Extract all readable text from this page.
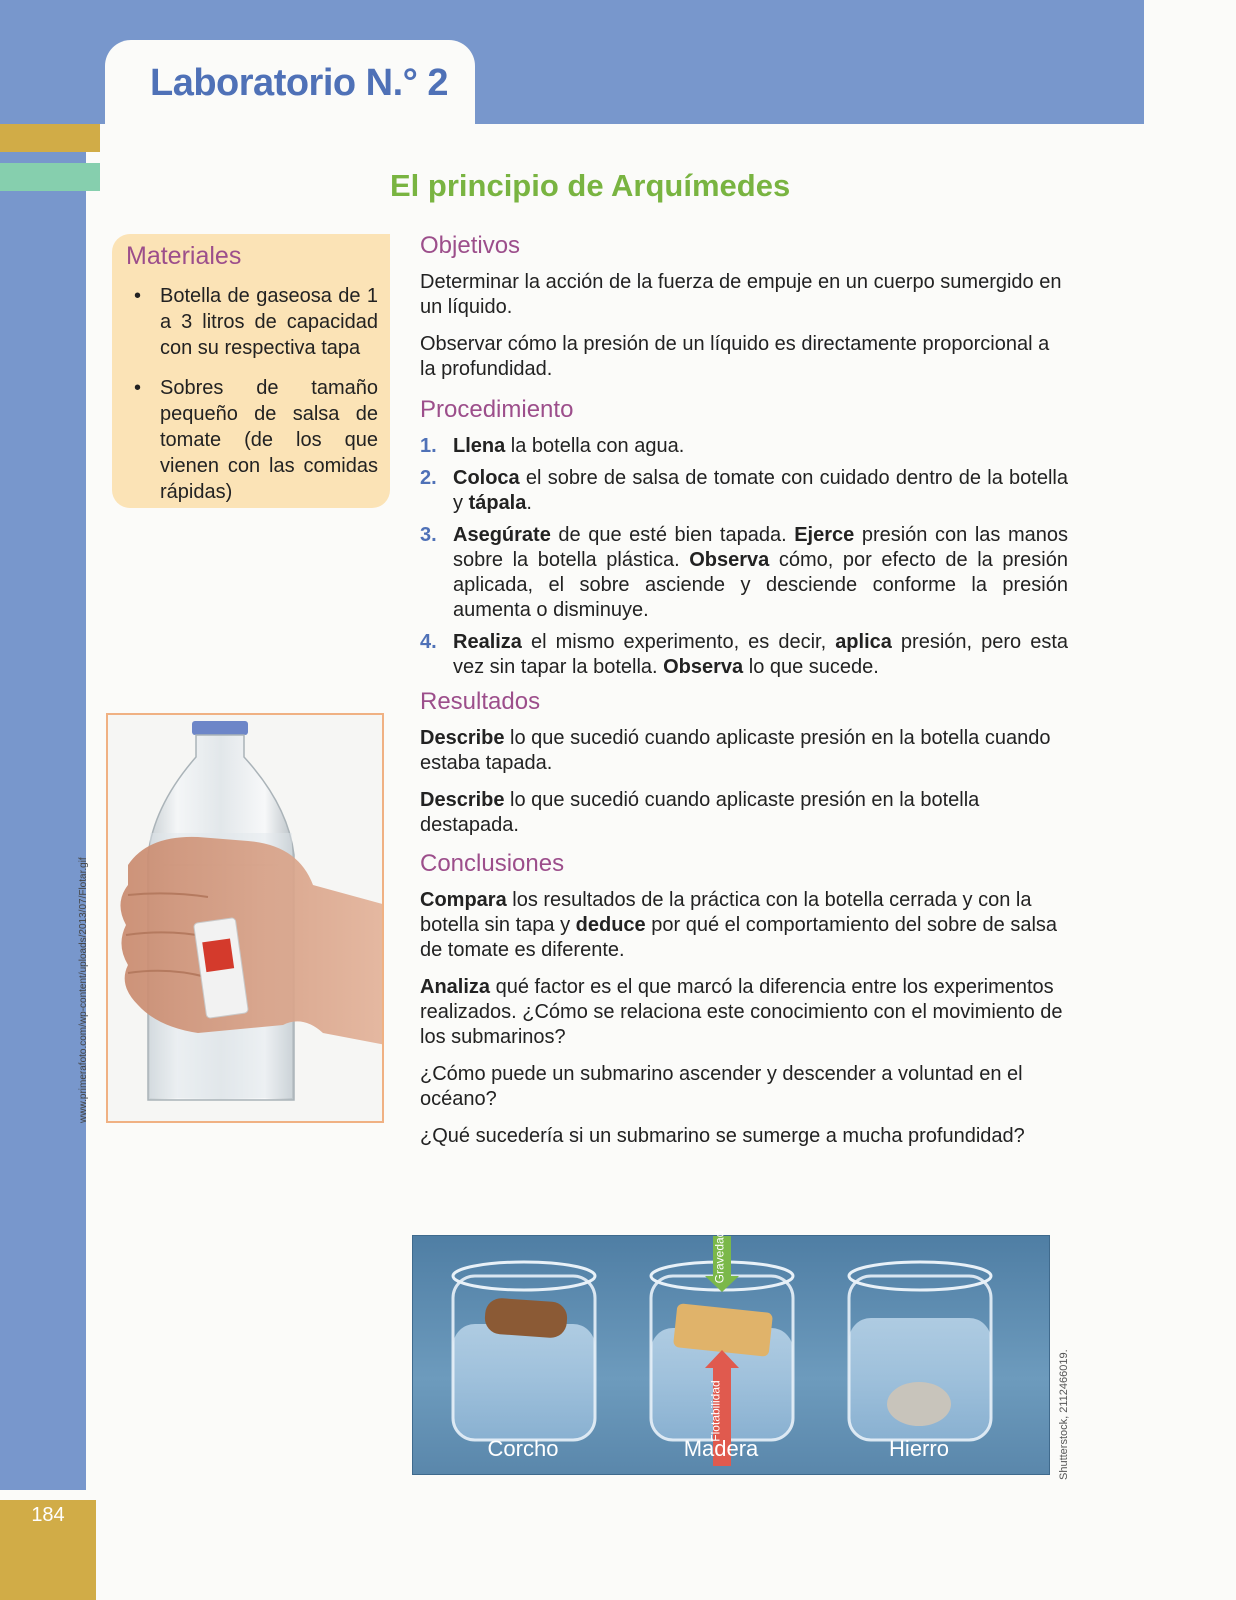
184
Laboratorio N.° 2
El principio de Arquímedes
Materiales
• Botella de gaseosa de 1 a 3 litros de capacidad con su respectiva tapa
• Sobres de tamaño pequeño de salsa de tomate (de los que vienen con las comidas rápidas)
www.primerafoto.com/wp-content/uploads/2013/07/Flotar.gif
Objetivos

Determinar la acción de la fuerza de empuje en un cuerpo sumergido en un líquido.

Observar cómo la presión de un líquido es directamente proporcional a la profundidad.

Procedimiento
1. Llena la botella con agua.
2. Coloca el sobre de salsa de tomate con cuidado dentro de la botella y tápala.
3. Asegúrate de que esté bien tapada. Ejerce presión con las manos sobre la botella plástica. Observa cómo, por efecto de la presión aplicada, el sobre asciende y desciende conforme la presión aumenta o disminuye.
4. Realiza el mismo experimento, es decir, aplica presión, pero esta vez sin tapar la botella. Observa lo que sucede.
Resultados

Describe lo que sucedió cuando aplicaste presión en la botella cuando estaba tapada.

Describe lo que sucedió cuando aplicaste presión en la botella destapada.

Conclusiones

Compara los resultados de la práctica con la botella cerrada y con la botella sin tapa y deduce por qué el comportamiento del sobre de salsa de tomate es diferente.

Analiza qué factor es el que marcó la diferencia entre los experimentos realizados. ¿Cómo se relaciona este conocimiento con el movimiento de los submarinos?

¿Cómo puede un submarino ascender y descender a voluntad en el océano?

¿Qué sucedería si un submarino se sumerge a mucha profundidad?

Corcho	Madera	Hierro
Gravedad
Flotabilidad	Shutterstock, 2112466019.
